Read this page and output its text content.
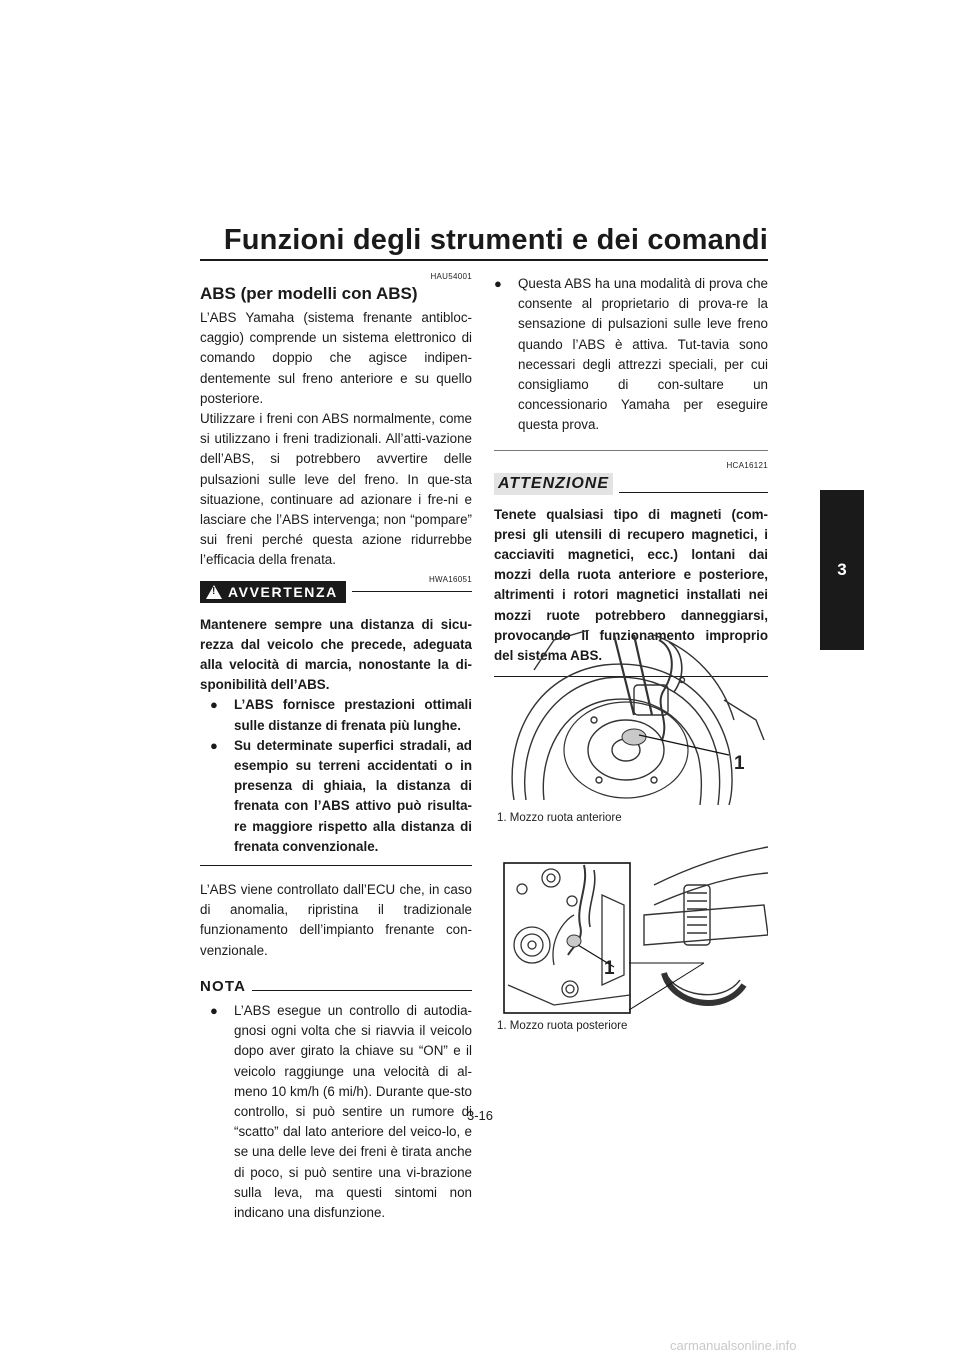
Funzioni degli strumenti e dei comandi
3
HAU54001
ABS (per modelli con ABS)

L’ABS Yamaha (sistema frenante antibloc-caggio) comprende un sistema elettronico di comando doppio che agisce indipen-dentemente sul freno anteriore e su quello posteriore.

Utilizzare i freni con ABS normalmente, come si utilizzano i freni tradizionali. All’atti-vazione dell’ABS, si potrebbero avvertire delle pulsazioni sulle leve del freno. In que-sta situazione, continuare ad azionare i fre-ni e lasciare che l’ABS intervenga; non “pompare” sui freni perché questa azione ridurrebbe l’efficacia della frenata.

HWA16051
!
AVVERTENZA
Mantenere sempre una distanza di sicu-rezza dal veicolo che precede, adeguata alla velocità di marcia, nonostante la di-sponibilità dell’ABS.
● L’ABS fornisce prestazioni ottimali sulle distanze di frenata più lunghe.
● Su determinate superfici stradali, ad esempio su terreni accidentati o in presenza di ghiaia, la distanza di frenata con l’ABS attivo può risulta-re maggiore rispetto alla distanza di frenata convenzionale.

L’ABS viene controllato dall’ECU che, in caso di anomalia, ripristina il tradizionale funzionamento dell’impianto frenante con-venzionale.

NOTA
● L’ABS esegue un controllo di autodia-gnosi ogni volta che si riavvia il veicolo dopo aver girato la chiave su “ON” e il veicolo raggiunge una velocità di al-meno 10 km/h (6 mi/h). Durante que-sto controllo, si può sentire un rumore di “scatto” dal lato anteriore del veico-lo, e se una delle leve dei freni è tirata anche di poco, si può sentire una vi-brazione sulla leva, ma questi sintomi non indicano una disfunzione.
● Questa ABS ha una modalità di prova che consente al proprietario di prova-re la sensazione di pulsazioni sulle leve freno quando l’ABS è attiva. Tut-tavia sono necessari degli attrezzi speciali, per cui consigliamo di con-sultare un concessionario Yamaha per eseguire questa prova.
HCA16121
ATTENZIONE
Tenete qualsiasi tipo di magneti (com-presi gli utensili di recupero magnetici, i cacciaviti magnetici, ecc.) lontani dai mozzi della ruota anteriore e posteriore, altrimenti i rotori magnetici installati nei mozzi ruote potrebbero danneggiarsi, provocando il funzionamento improprio del sistema ABS.
1
1. Mozzo ruota anteriore
1
1. Mozzo ruota posteriore
3-16
carmanualsonline.info
